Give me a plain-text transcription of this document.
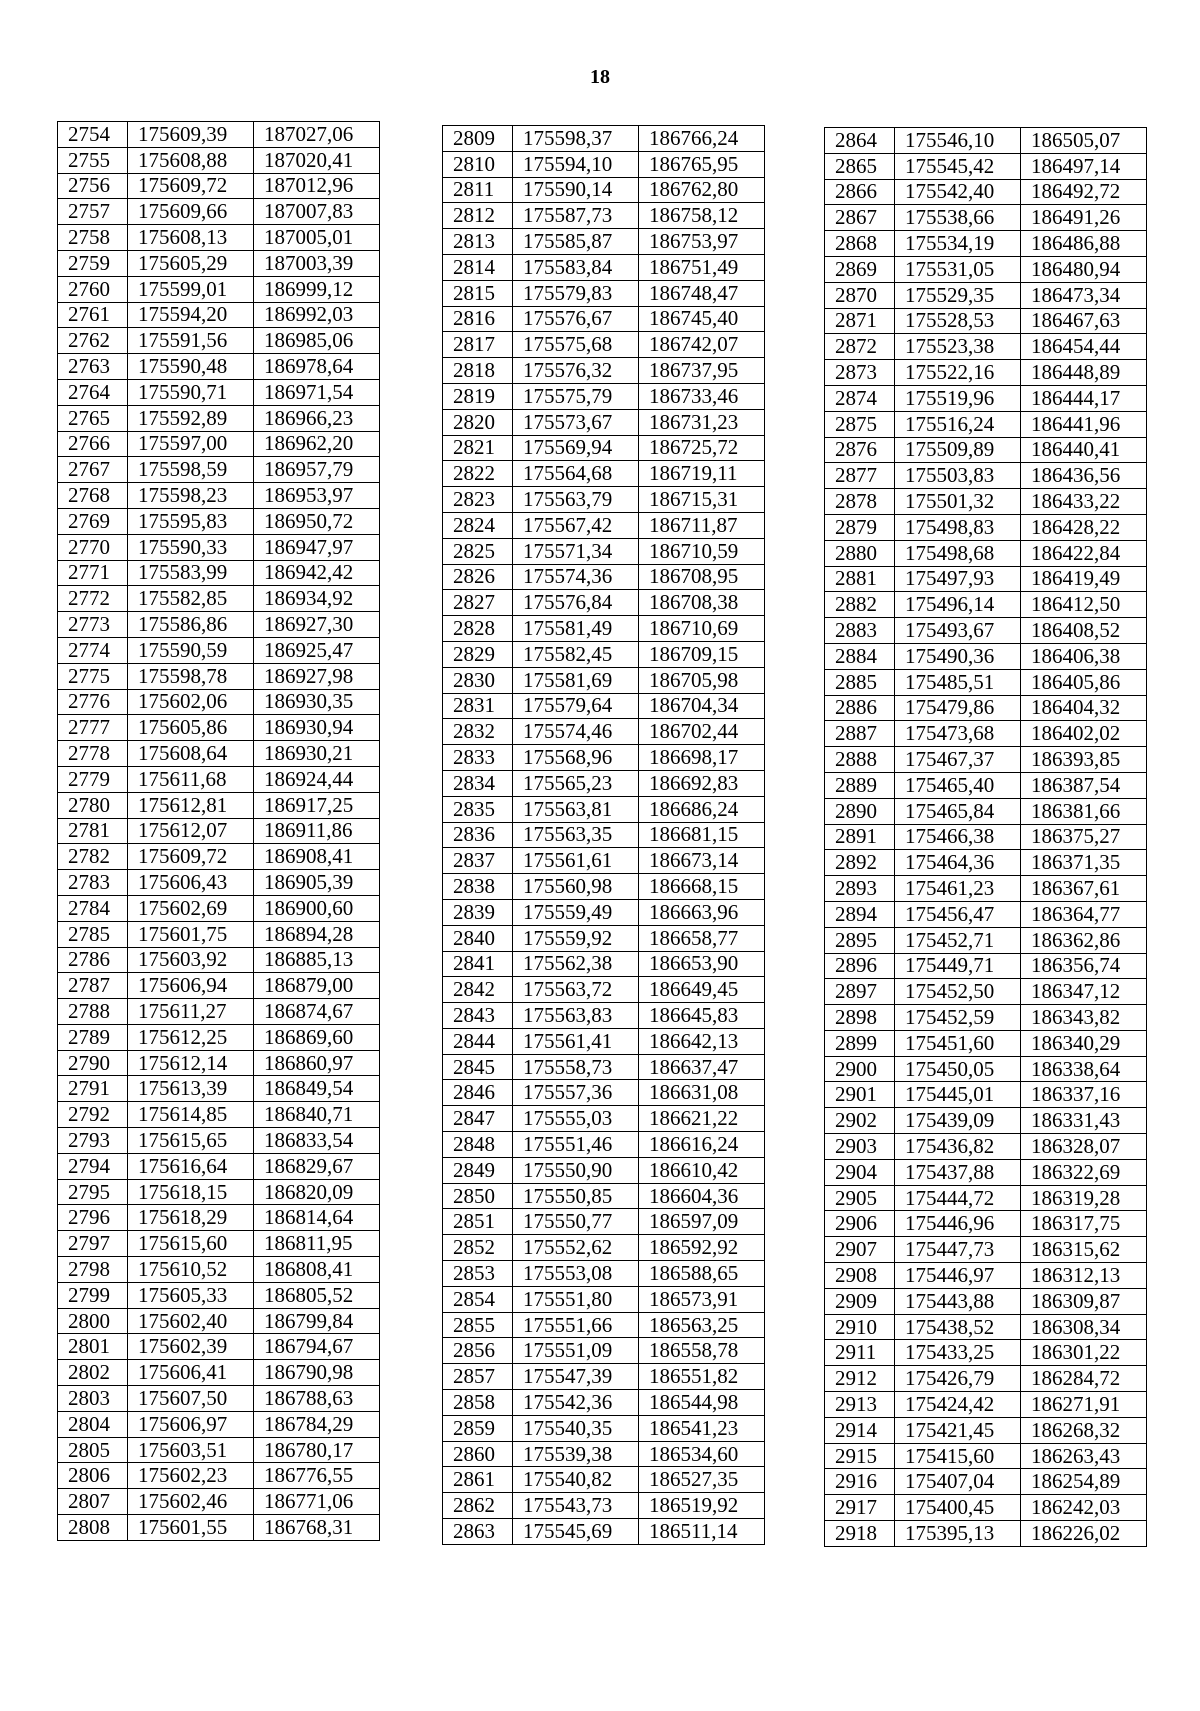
18
2754	175609,39	187027,06
2755	175608,88	187020,41
2756	175609,72	187012,96
2757	175609,66	187007,83
2758	175608,13	187005,01
2759	175605,29	187003,39
2760	175599,01	186999,12
2761	175594,20	186992,03
2762	175591,56	186985,06
2763	175590,48	186978,64
2764	175590,71	186971,54
2765	175592,89	186966,23
2766	175597,00	186962,20
2767	175598,59	186957,79
2768	175598,23	186953,97
2769	175595,83	186950,72
2770	175590,33	186947,97
2771	175583,99	186942,42
2772	175582,85	186934,92
2773	175586,86	186927,30
2774	175590,59	186925,47
2775	175598,78	186927,98
2776	175602,06	186930,35
2777	175605,86	186930,94
2778	175608,64	186930,21
2779	175611,68	186924,44
2780	175612,81	186917,25
2781	175612,07	186911,86
2782	175609,72	186908,41
2783	175606,43	186905,39
2784	175602,69	186900,60
2785	175601,75	186894,28
2786	175603,92	186885,13
2787	175606,94	186879,00
2788	175611,27	186874,67
2789	175612,25	186869,60
2790	175612,14	186860,97
2791	175613,39	186849,54
2792	175614,85	186840,71
2793	175615,65	186833,54
2794	175616,64	186829,67
2795	175618,15	186820,09
2796	175618,29	186814,64
2797	175615,60	186811,95
2798	175610,52	186808,41
2799	175605,33	186805,52
2800	175602,40	186799,84
2801	175602,39	186794,67
2802	175606,41	186790,98
2803	175607,50	186788,63
2804	175606,97	186784,29
2805	175603,51	186780,17
2806	175602,23	186776,55
2807	175602,46	186771,06
2808	175601,55	186768,31
2809	175598,37	186766,24
2810	175594,10	186765,95
2811	175590,14	186762,80
2812	175587,73	186758,12
2813	175585,87	186753,97
2814	175583,84	186751,49
2815	175579,83	186748,47
2816	175576,67	186745,40
2817	175575,68	186742,07
2818	175576,32	186737,95
2819	175575,79	186733,46
2820	175573,67	186731,23
2821	175569,94	186725,72
2822	175564,68	186719,11
2823	175563,79	186715,31
2824	175567,42	186711,87
2825	175571,34	186710,59
2826	175574,36	186708,95
2827	175576,84	186708,38
2828	175581,49	186710,69
2829	175582,45	186709,15
2830	175581,69	186705,98
2831	175579,64	186704,34
2832	175574,46	186702,44
2833	175568,96	186698,17
2834	175565,23	186692,83
2835	175563,81	186686,24
2836	175563,35	186681,15
2837	175561,61	186673,14
2838	175560,98	186668,15
2839	175559,49	186663,96
2840	175559,92	186658,77
2841	175562,38	186653,90
2842	175563,72	186649,45
2843	175563,83	186645,83
2844	175561,41	186642,13
2845	175558,73	186637,47
2846	175557,36	186631,08
2847	175555,03	186621,22
2848	175551,46	186616,24
2849	175550,90	186610,42
2850	175550,85	186604,36
2851	175550,77	186597,09
2852	175552,62	186592,92
2853	175553,08	186588,65
2854	175551,80	186573,91
2855	175551,66	186563,25
2856	175551,09	186558,78
2857	175547,39	186551,82
2858	175542,36	186544,98
2859	175540,35	186541,23
2860	175539,38	186534,60
2861	175540,82	186527,35
2862	175543,73	186519,92
2863	175545,69	186511,14
2864	175546,10	186505,07
2865	175545,42	186497,14
2866	175542,40	186492,72
2867	175538,66	186491,26
2868	175534,19	186486,88
2869	175531,05	186480,94
2870	175529,35	186473,34
2871	175528,53	186467,63
2872	175523,38	186454,44
2873	175522,16	186448,89
2874	175519,96	186444,17
2875	175516,24	186441,96
2876	175509,89	186440,41
2877	175503,83	186436,56
2878	175501,32	186433,22
2879	175498,83	186428,22
2880	175498,68	186422,84
2881	175497,93	186419,49
2882	175496,14	186412,50
2883	175493,67	186408,52
2884	175490,36	186406,38
2885	175485,51	186405,86
2886	175479,86	186404,32
2887	175473,68	186402,02
2888	175467,37	186393,85
2889	175465,40	186387,54
2890	175465,84	186381,66
2891	175466,38	186375,27
2892	175464,36	186371,35
2893	175461,23	186367,61
2894	175456,47	186364,77
2895	175452,71	186362,86
2896	175449,71	186356,74
2897	175452,50	186347,12
2898	175452,59	186343,82
2899	175451,60	186340,29
2900	175450,05	186338,64
2901	175445,01	186337,16
2902	175439,09	186331,43
2903	175436,82	186328,07
2904	175437,88	186322,69
2905	175444,72	186319,28
2906	175446,96	186317,75
2907	175447,73	186315,62
2908	175446,97	186312,13
2909	175443,88	186309,87
2910	175438,52	186308,34
2911	175433,25	186301,22
2912	175426,79	186284,72
2913	175424,42	186271,91
2914	175421,45	186268,32
2915	175415,60	186263,43
2916	175407,04	186254,89
2917	175400,45	186242,03
2918	175395,13	186226,02
